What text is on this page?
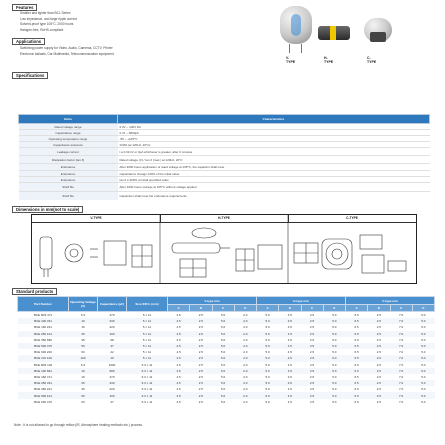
Features
Smaller and lighter than BCL Series
Low impedance, and large ripple current
Solvent-proof type 105°C, 2000 hours
Halogen-free, RoHS compliant
Applications
Switching power supply for Video, Audio, Cameras, CCTV, Printer
Electronic ballasts, Car Multimedia, Telecommunication equipment
V-TYPE
H-TYPE
C-TYPE
Specifications
Items	Characteristics
Rated voltage range	6.3V ~ 100V DC
Capacitance range	0.47 ~ 6800µF
Operating temperature range	-55 ~ +105°C
Capacitance tolerance	±20% (at 120Hz, 20°C)
Leakage current	I ≤ 0.01CV or 3µA whichever is greater, after 2 minutes
Dissipation factor (tan δ)	Rated voltage (V) / tan δ (max.) at 120Hz, 20°C
Endurance	After 2000 hours application of rated voltage at 105°C, the capacitor shall meet
Endurance	Capacitance change ±20% of the initial value
Endurance	tan δ ≤ 200% of initial specified value
Shelf life	After 1000 hours storage at 105°C without voltage applied
Shelf life	Capacitors shall meet the endurance requirements
Dimensions in mm(not to scale)
V-TYPE	H-TYPE	C-TYPE
Standard products
Part Number	Operating Voltage (V)	Capacitance (µF)	Size ΦD×L (mm)	V-type mm				H-type mm				C-type mm			
				A	B	C	E	A	B	C	E	A	B	C	E
BCE 6R3 471	6.3	470	5 × 11	4.5	2.5	5.0	2.0	5.0	4.5	2.5	5.0	6.5	2.5	7.0	5.0
BCE 100 331	10	330	5 × 11	4.5	2.5	5.0	2.0	5.0	4.5	2.5	5.0	6.5	2.5	7.0	5.0
BCE 160 221	16	220	5 × 11	4.5	2.5	5.0	2.0	5.0	4.5	2.5	5.0	6.5	2.5	7.0	5.0
BCE 250 101	25	100	5 × 11	4.5	2.5	5.0	2.0	5.0	4.5	2.5	5.0	6.5	2.5	7.0	5.0
BCE 350 680	35	68	5 × 11	4.5	2.5	5.0	2.0	5.0	4.5	2.5	5.0	6.5	2.5	7.0	5.0
BCE 500 470	50	47	5 × 11	4.5	2.5	5.0	2.0	5.0	4.5	2.5	5.0	6.5	2.5	7.0	5.0
BCE 630 220	63	22	5 × 11	4.5	2.5	5.0	2.0	5.0	4.5	2.5	5.0	6.5	2.5	7.0	5.0
BCE 101 100	100	10	5 × 11	4.5	2.5	5.0	2.0	5.0	4.5	2.5	5.0	6.5	2.5	7.0	5.0
BCE 6R3 102	6.3	1000	6.3 × 11	4.5	2.5	5.0	2.0	5.0	4.5	2.5	5.0	6.5	2.5	7.0	5.0
BCE 100 681	10	680	6.3 × 11	4.5	2.5	5.0	2.0	5.0	4.5	2.5	5.0	6.5	2.5	7.0	5.0
BCE 160 471	16	470	6.3 × 11	4.5	2.5	5.0	2.0	5.0	4.5	2.5	5.0	6.5	2.5	7.0	5.0
BCE 250 331	25	330	6.3 × 11	4.5	2.5	5.0	2.0	5.0	4.5	2.5	5.0	6.5	2.5	7.0	5.0
BCE 350 221	35	220	6.3 × 11	4.5	2.5	5.0	2.0	5.0	4.5	2.5	5.0	6.5	2.5	7.0	5.0
BCE 500 101	50	100	6.3 × 11	4.5	2.5	5.0	2.0	5.0	4.5	2.5	5.0	6.5	2.5	7.0	5.0
BCE 630 470	63	47	6.3 × 11	4.5	2.5	5.0	2.0	5.0	4.5	2.5	5.0	6.5	2.5	7.0	5.0
Note : It is not allowed to go through reflow (IR, Atmosphere heating methods etc.) process
